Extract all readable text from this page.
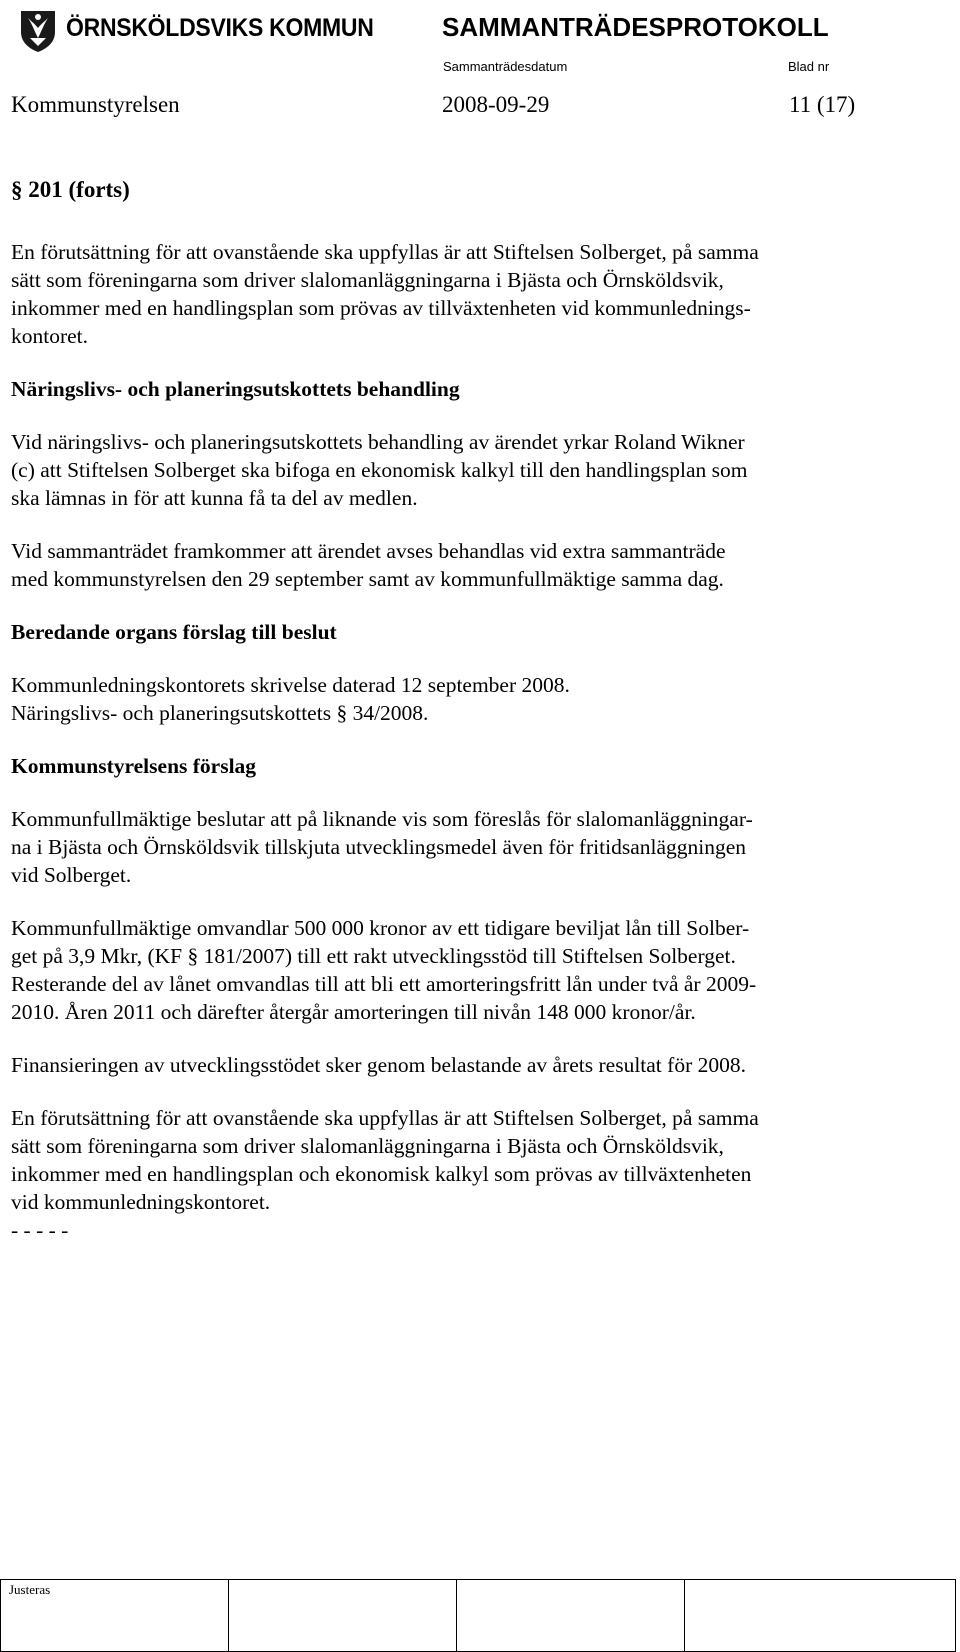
ÖRNSKÖLDSVIKS KOMMUN	SAMMANTRÄDESPROTOKOLL
Sammanträdesdatum	Blad nr
Kommunstyrelsen	2008-09-29	11 (17)
§ 201 (forts)

En förutsättning för att ovanstående ska uppfyllas är att Stiftelsen Solberget, på samma
sätt som föreningarna som driver slalomanläggningarna i Bjästa och Örnsköldsvik,
inkommer med en handlingsplan som prövas av tillväxtenheten vid kommunlednings-
kontoret.

Näringslivs- och planeringsutskottets behandling

Vid näringslivs- och planeringsutskottets behandling av ärendet yrkar Roland Wikner
(c) att Stiftelsen Solberget ska bifoga en ekonomisk kalkyl till den handlingsplan som
ska lämnas in för att kunna få ta del av medlen.

Vid sammanträdet framkommer att ärendet avses behandlas vid extra sammanträde
med kommunstyrelsen den 29 september samt av kommunfullmäktige samma dag.

Beredande organs förslag till beslut

Kommunledningskontorets skrivelse daterad 12 september 2008.
Näringslivs- och planeringsutskottets § 34/2008.

Kommunstyrelsens förslag

Kommunfullmäktige beslutar att på liknande vis som föreslås för slalomanläggningar-
na i Bjästa och Örnsköldsvik tillskjuta utvecklingsmedel även för fritidsanläggningen
vid Solberget.

Kommunfullmäktige omvandlar 500 000 kronor av ett tidigare beviljat lån till Solber-
get på 3,9 Mkr, (KF § 181/2007) till ett rakt utvecklingsstöd till Stiftelsen Solberget.
Resterande del av lånet omvandlas till att bli ett amorteringsfritt lån under två år 2009-
2010. Åren 2011 och därefter återgår amorteringen till nivån 148 000 kronor/år.

Finansieringen av utvecklingsstödet sker genom belastande av årets resultat för 2008.

En förutsättning för att ovanstående ska uppfyllas är att Stiftelsen Solberget, på samma
sätt som föreningarna som driver slalomanläggningarna i Bjästa och Örnsköldsvik,
inkommer med en handlingsplan och ekonomisk kalkyl som prövas av tillväxtenheten
vid kommunledningskontoret.

- - - - -
Justeras
